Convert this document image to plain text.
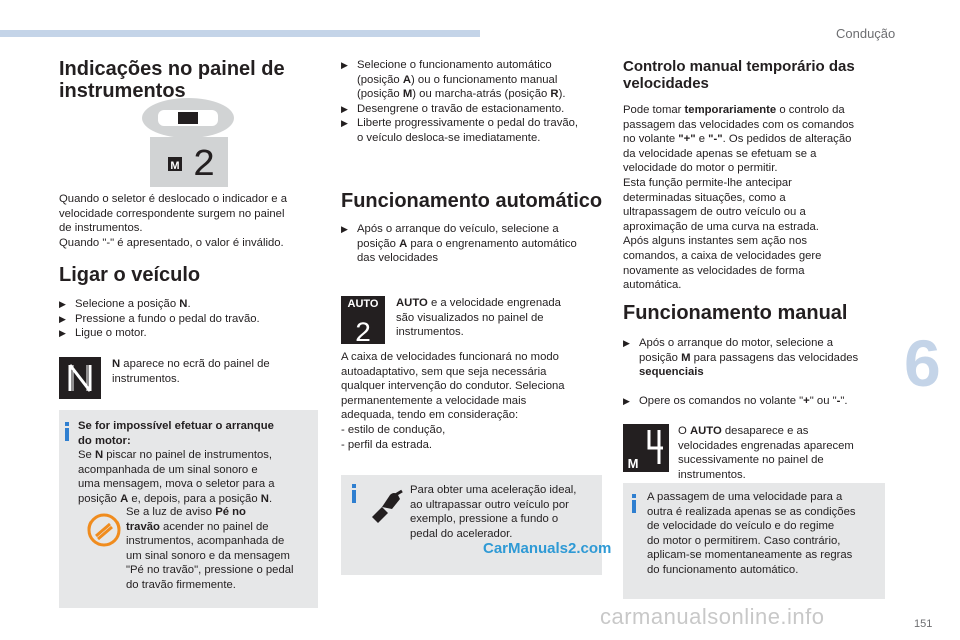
Condução
6
151
Indicações no painel de instrumentos
M 2
Quando o seletor é deslocado o indicador e a
velocidade correspondente surgem no painel
de instrumentos.
Quando "-" é apresentado, o valor é inválido.
Ligar o veículo
▶ Selecione a posição N.
▶ Pressione a fundo o pedal do travão.
▶ Ligue o motor.
N aparece no ecrã do painel de
instrumentos.
Se for impossível efetuar o arranque
do motor:
Se N piscar no painel de instrumentos,
acompanhada de um sinal sonoro e
uma mensagem, mova o seletor para a
posição A e, depois, para a posição N.
Se a luz de aviso Pé no
travão acender no painel de
instrumentos, acompanhada de
um sinal sonoro e da mensagem
"Pé no travão", pressione o pedal
do travão firmemente.
▶ Selecione o funcionamento automático
(posição A) ou o funcionamento manual
(posição M) ou marcha-atrás (posição R).
▶ Desengrene o travão de estacionamento.
▶ Liberte progressivamente o pedal do travão,
o veículo desloca-se imediatamente.
Funcionamento automático
▶ Após o arranque do veículo, selecione a
posição A para o engrenamento automático
das velocidades
AUTO
2
AUTO e a velocidade engrenada
são visualizados no painel de
instrumentos.
A caixa de velocidades funcionará no modo
autoadaptativo, sem que seja necessária
qualquer intervenção do condutor. Seleciona
permanentemente a velocidade mais
adequada, tendo em consideração:
- estilo de condução,
- perfil da estrada.
Para obter uma aceleração ideal,
ao ultrapassar outro veículo por
exemplo, pressione a fundo o
pedal do acelerador.
Controlo manual temporário das velocidades
Pode tomar temporariamente o controlo da
passagem das velocidades com os comandos
no volante "+" e "-". Os pedidos de alteração
da velocidade apenas se efetuam se a
velocidade do motor o permitir.
Esta função permite-lhe antecipar
determinadas situações, como a
ultrapassagem de outro veículo ou a
aproximação de uma curva na estrada.
Após alguns instantes sem ação nos
comandos, a caixa de velocidades gere
novamente as velocidades de forma
automática.
Funcionamento manual
▶ Após o arranque do motor, selecione a
posição M para passagens das velocidades
sequenciais
▶ Opere os comandos no volante "+" ou "-".
M
O AUTO desaparece e as
velocidades engrenadas aparecem
sucessivamente no painel de
instrumentos.
A passagem de uma velocidade para a
outra é realizada apenas se as condições
de velocidade do veículo e do regime
do motor o permitirem. Caso contrário,
aplicam-se momentaneamente as regras
do funcionamento automático.
CarManuals2.com
carmanualsonline.info
